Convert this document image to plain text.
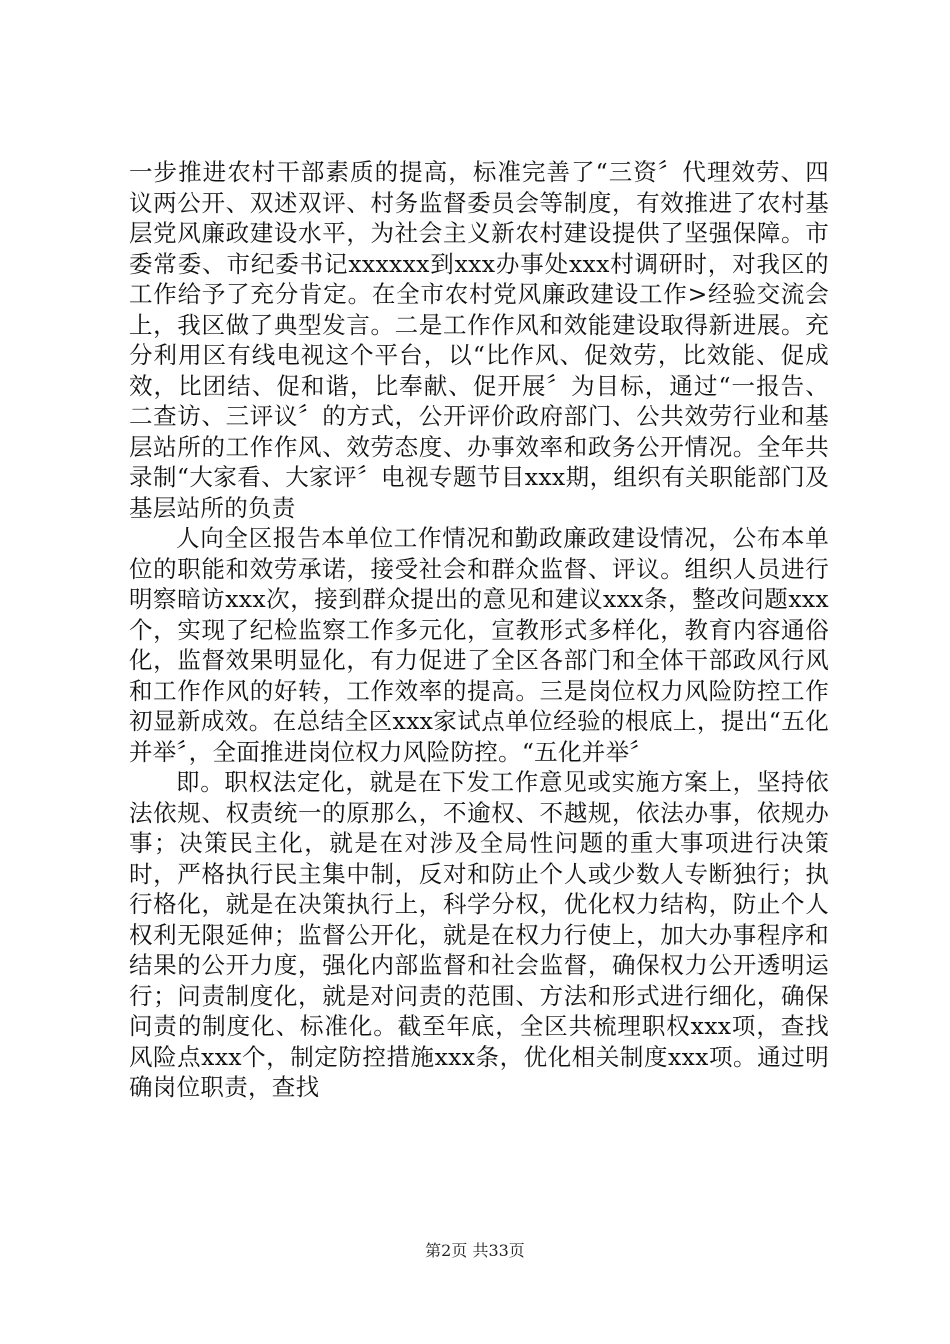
一步推进农村干部素质的提高，标准完善了“三资〞代理效劳、四议两公开、双述双评、村务监督委员会等制度，有效推进了农村基层党风廉政建设水平，为社会主义新农村建设提供了坚强保障。市委常委、市纪委书记xxxxxx到xxx办事处xxx村调研时，对我区的工作给予了充分肯定。在全市农村党风廉政建设工作>经验交流会上，我区做了典型发言。二是工作作风和效能建设取得新进展。充分利用区有线电视这个平台，以“比作风、促效劳，比效能、促成效，比团结、促和谐，比奉献、促开展〞为目标，通过“一报告、二查访、三评议〞的方式，公开评价政府部门、公共效劳行业和基层站所的工作作风、效劳态度、办事效率和政务公开情况。全年共录制“大家看、大家评〞电视专题节目xxx期，组织有关职能部门及基层站所的负责

人向全区报告本单位工作情况和勤政廉政建设情况，公布本单位的职能和效劳承诺，接受社会和群众监督、评议。组织人员进行明察暗访xxx次，接到群众提出的意见和建议xxx条，整改问题xxx个，实现了纪检监察工作多元化，宣教形式多样化，教育内容通俗化，监督效果明显化，有力促进了全区各部门和全体干部政风行风和工作作风的好转，工作效率的提高。三是岗位权力风险防控工作初显新成效。在总结全区xxx家试点单位经验的根底上，提出“五化并举〞，全面推进岗位权力风险防控。“五化并举〞

即。职权法定化，就是在下发工作意见或实施方案上，坚持依法依规、权责统一的原那么，不逾权、不越规，依法办事，依规办事；决策民主化，就是在对涉及全局性问题的重大事项进行决策时，严格执行民主集中制，反对和防止个人或少数人专断独行；执行格化，就是在决策执行上，科学分权，优化权力结构，防止个人权利无限延伸；监督公开化，就是在权力行使上，加大办事程序和结果的公开力度，强化内部监督和社会监督，确保权力公开透明运行；问责制度化，就是对问责的范围、方法和形式进行细化，确保问责的制度化、标准化。截至年底，全区共梳理职权xxx项，查找风险点xxx个，制定防控措施xxx条，优化相关制度xxx项。通过明确岗位职责，查找

第2页 共33页
